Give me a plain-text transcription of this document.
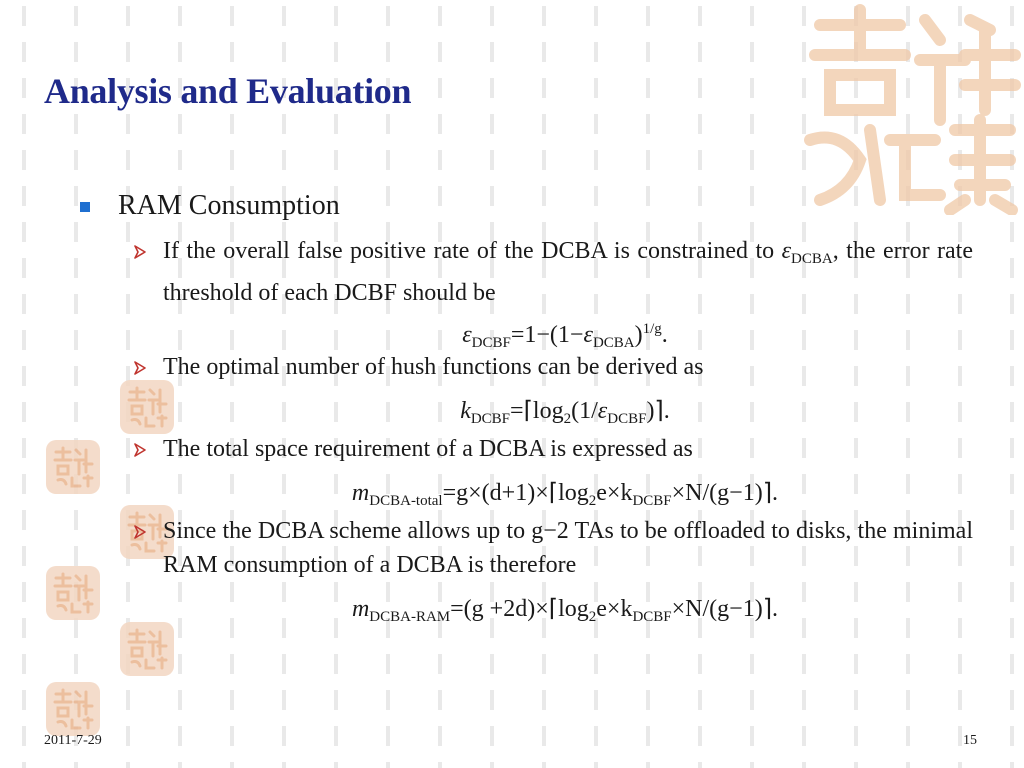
Analysis and Evaluation
RAM Consumption
If the overall false positive rate of the DCBA is constrained to $\varepsilon_{DCBA}$, the error rate threshold of each DCBF should be
$\varepsilon_{DCBF}=1-(1-\varepsilon_{DCBA})^{1/g}$.
The optimal number of hush functions can be derived as
$k_{DCBF}=⌈\log_2(1/\varepsilon_{DCBF})⌉$.
The total space requirement of a DCBA is expressed as
$m_{DCBA-total}=g\times(d+1)\times⌈\log_2e\times k_{DCBF}\times N/(g-1)⌉$.
Since the DCBA scheme allows up to g−2 TAs to be offloaded to disks, the minimal RAM consumption of a DCBA is therefore
$m_{DCBA-RAM}=(g$ $+2d)\times⌈\log_2e\times k_{DCBF}\times N/(g-1)⌉$.
2011-7-29	15
